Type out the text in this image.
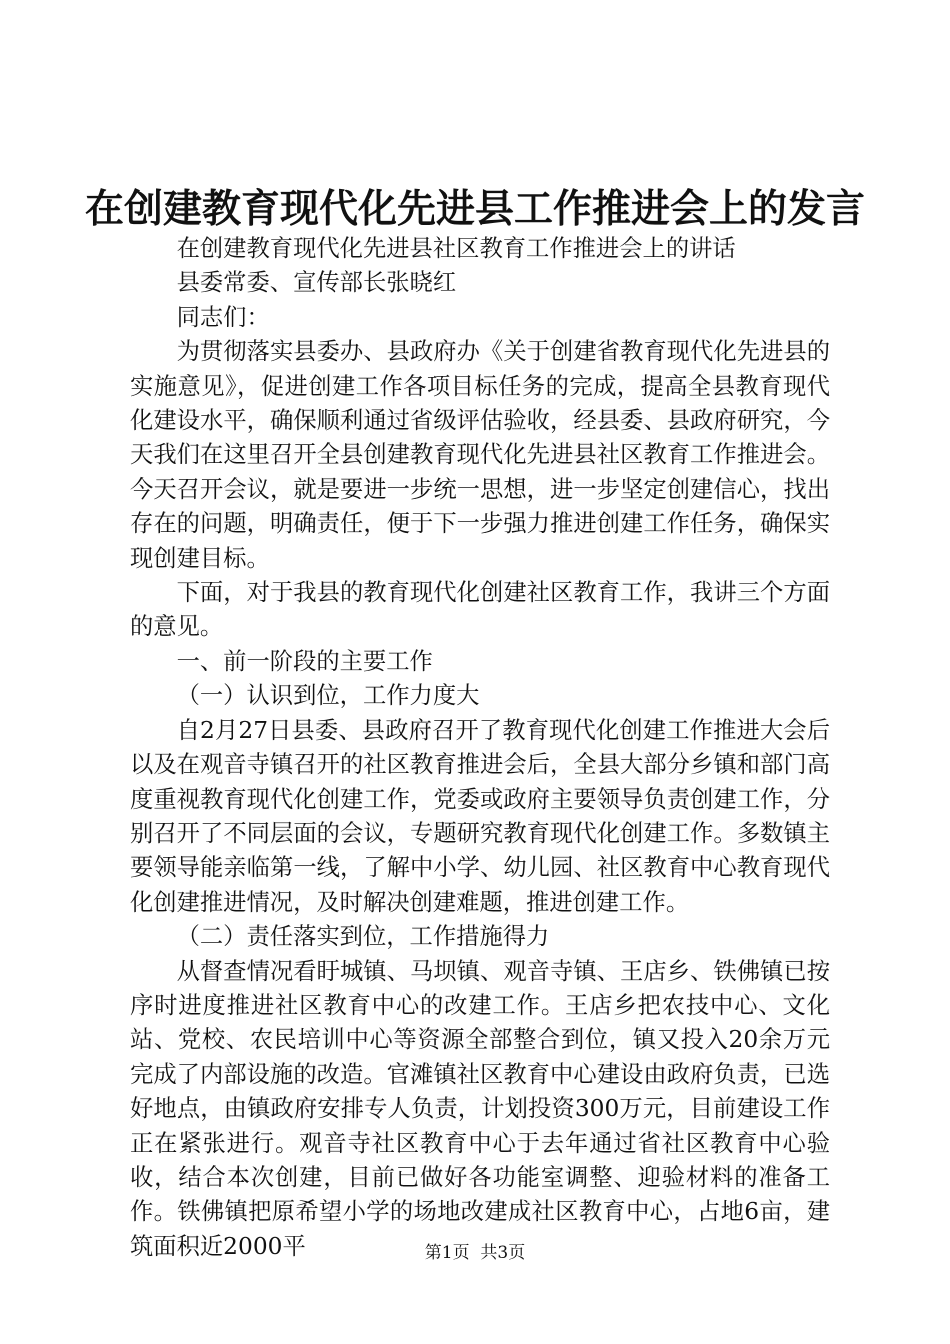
在创建教育现代化先进县工作推进会上的发言

在创建教育现代化先进县社区教育工作推进会上的讲话

县委常委、宣传部长张晓红

同志们：

为贯彻落实县委办、县政府办《关于创建省教育现代化先进县的实施意见》，促进创建工作各项目标任务的完成，提高全县教育现代化建设水平，确保顺利通过省级评估验收，经县委、县政府研究，今天我们在这里召开全县创建教育现代化先进县社区教育工作推进会。今天召开会议，就是要进一步统一思想，进一步坚定创建信心，找出存在的问题，明确责任，便于下一步强力推进创建工作任务，确保实现创建目标。

下面，对于我县的教育现代化创建社区教育工作，我讲三个方面的意见。

一、前一阶段的主要工作

（一）认识到位，工作力度大

自2月27日县委、县政府召开了教育现代化创建工作推进大会后以及在观音寺镇召开的社区教育推进会后，全县大部分乡镇和部门高度重视教育现代化创建工作，党委或政府主要领导负责创建工作，分别召开了不同层面的会议，专题研究教育现代化创建工作。多数镇主要领导能亲临第一线，了解中小学、幼儿园、社区教育中心教育现代化创建推进情况，及时解决创建难题，推进创建工作。

（二）责任落实到位，工作措施得力

从督查情况看盱城镇、马坝镇、观音寺镇、王店乡、铁佛镇已按序时进度推进社区教育中心的改建工作。王店乡把农技中心、文化站、党校、农民培训中心等资源全部整合到位，镇又投入20余万元完成了内部设施的改造。官滩镇社区教育中心建设由政府负责，已选好地点，由镇政府安排专人负责，计划投资300万元，目前建设工作正在紧张进行。观音寺社区教育中心于去年通过省社区教育中心验收，结合本次创建，目前已做好各功能室调整、迎验材料的准备工作。铁佛镇把原希望小学的场地改建成社区教育中心，占地6亩，建筑面积近2000平	第1页  共3页
